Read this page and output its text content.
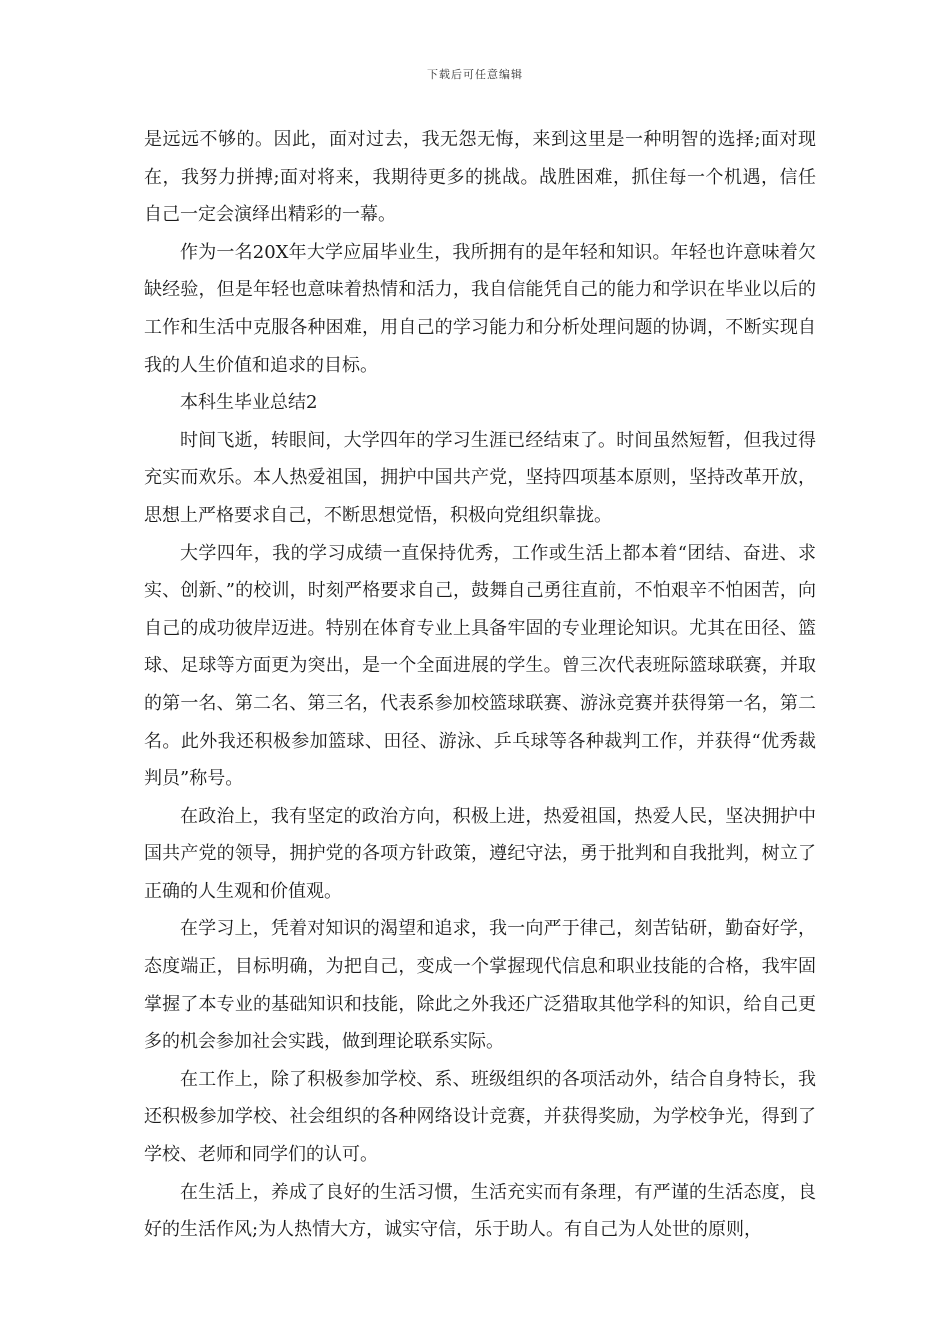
下载后可任意编辑

是远远不够的。因此，面对过去，我无怨无悔，来到这里是一种明智的选择;面对现在，我努力拼搏;面对将来，我期待更多的挑战。战胜困难，抓住每一个机遇，信任自己一定会演绎出精彩的一幕。

作为一名20X年大学应届毕业生，我所拥有的是年轻和知识。年轻也许意味着欠缺经验，但是年轻也意味着热情和活力，我自信能凭自己的能力和学识在毕业以后的工作和生活中克服各种困难，用自己的学习能力和分析处理问题的协调，不断实现自我的人生价值和追求的目标。

本科生毕业总结2

时间飞逝，转眼间，大学四年的学习生涯已经结束了。时间虽然短暂，但我过得充实而欢乐。本人热爱祖国，拥护中国共产党，坚持四项基本原则，坚持改革开放，思想上严格要求自己，不断思想觉悟，积极向党组织靠拢。

大学四年，我的学习成绩一直保持优秀，工作或生活上都本着“团结、奋进、求实、创新、”的校训，时刻严格要求自己，鼓舞自己勇往直前，不怕艰辛不怕困苦，向自己的成功彼岸迈进。特别在体育专业上具备牢固的专业理论知识。尤其在田径、篮球、足球等方面更为突出，是一个全面进展的学生。曾三次代表班际篮球联赛，并取的第一名、第二名、第三名，代表系参加校篮球联赛、游泳竞赛并获得第一名，第二名。此外我还积极参加篮球、田径、游泳、乒乓球等各种裁判工作，并获得“优秀裁判员”称号。

在政治上，我有坚定的政治方向，积极上进，热爱祖国，热爱人民，坚决拥护中国共产党的领导，拥护党的各项方针政策，遵纪守法，勇于批判和自我批判，树立了正确的人生观和价值观。

在学习上，凭着对知识的渴望和追求，我一向严于律己，刻苦钻研，勤奋好学，态度端正，目标明确，为把自己，变成一个掌握现代信息和职业技能的合格，我牢固掌握了本专业的基础知识和技能，除此之外我还广泛猎取其他学科的知识，给自己更多的机会参加社会实践，做到理论联系实际。

在工作上，除了积极参加学校、系、班级组织的各项活动外，结合自身特长，我还积极参加学校、社会组织的各种网络设计竞赛，并获得奖励，为学校争光，得到了学校、老师和同学们的认可。

在生活上，养成了良好的生活习惯，生活充实而有条理，有严谨的生活态度，良好的生活作风;为人热情大方，诚实守信，乐于助人。有自己为人处世的原则，
